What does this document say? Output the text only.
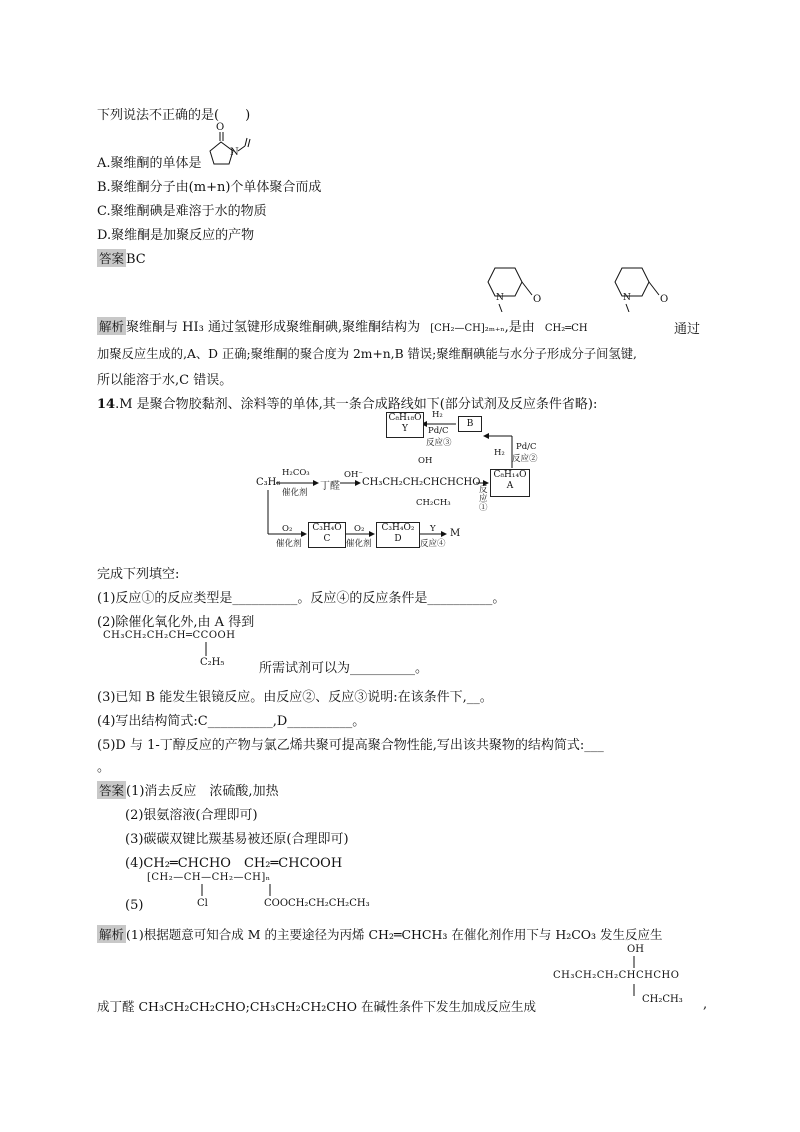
下列说法不正确的是(　　)
A.聚维酮的单体是
O
N
B.聚维酮分子由(m+n)个单体聚合而成
C.聚维酮碘是难溶于水的物质
D.聚维酮是加聚反应的产物
答案 BC
N	O	N	O
解析 聚维酮与 HI₃ 通过氢键形成聚维酮碘,聚维酮结构为 [CH₂—CH]₂ₘ₊ₙ,是由 CH₂═CH	通过
加聚反应生成的,A、D 正确;聚维酮的聚合度为 2m+n,B 错误;聚维酮碘能与水分子形成分子间氢键,
所以能溶于水,C 错误。
14.M 是聚合物胶黏剂、涂料等的单体,其一条合成路线如下(部分试剂及反应条件省略):
C₈H₁₈O
Y	B
H₂
Pd/C
反应③	Pd/C
反应②
H₂
C₃H₆
H₂CO₃
催化剂
丁醛
OH⁻
OH
CH₃CH₂CH₂CHCHCHO
CH₂CH₃
反应①
C₈H₁₄O
A
O₂
催化剂
C₃H₄O
C
O₂
催化剂
C₃H₄O₂
D
Y
反应④
M
完成下列填空:
(1)反应①的反应类型是__________。反应④的反应条件是__________。
(2)除催化氧化外,由 A 得到
CH₃CH₂CH₂CH═CCOOH
C₂H₅	所需试剂可以为__________。
(3)已知 B 能发生银镜反应。由反应②、反应③说明:在该条件下,__。
(4)写出结构简式:C__________,D__________。
(5)D 与 1-丁醇反应的产物与氯乙烯共聚可提高聚合物性能,写出该共聚物的结构简式:___
。
答案 (1)消去反应　浓硫酸,加热
(2)银氨溶液(合理即可)
(3)碳碳双键比羰基易被还原(合理即可)
(4)CH₂═CHCHO　CH₂═CHCOOH
[CH₂—CH—CH₂—CH]ₙ
(5)	Cl	COOCH₂CH₂CH₂CH₃
解析 (1)根据题意可知合成 M 的主要途径为丙烯 CH₂═CHCH₃ 在催化剂作用下与 H₂CO₃ 发生反应生
OH
CH₃CH₂CH₂CHCHCHO
CH₂CH₃ ,
成丁醛 CH₃CH₂CH₂CHO;CH₃CH₂CH₂CHO 在碱性条件下发生加成反应生成
